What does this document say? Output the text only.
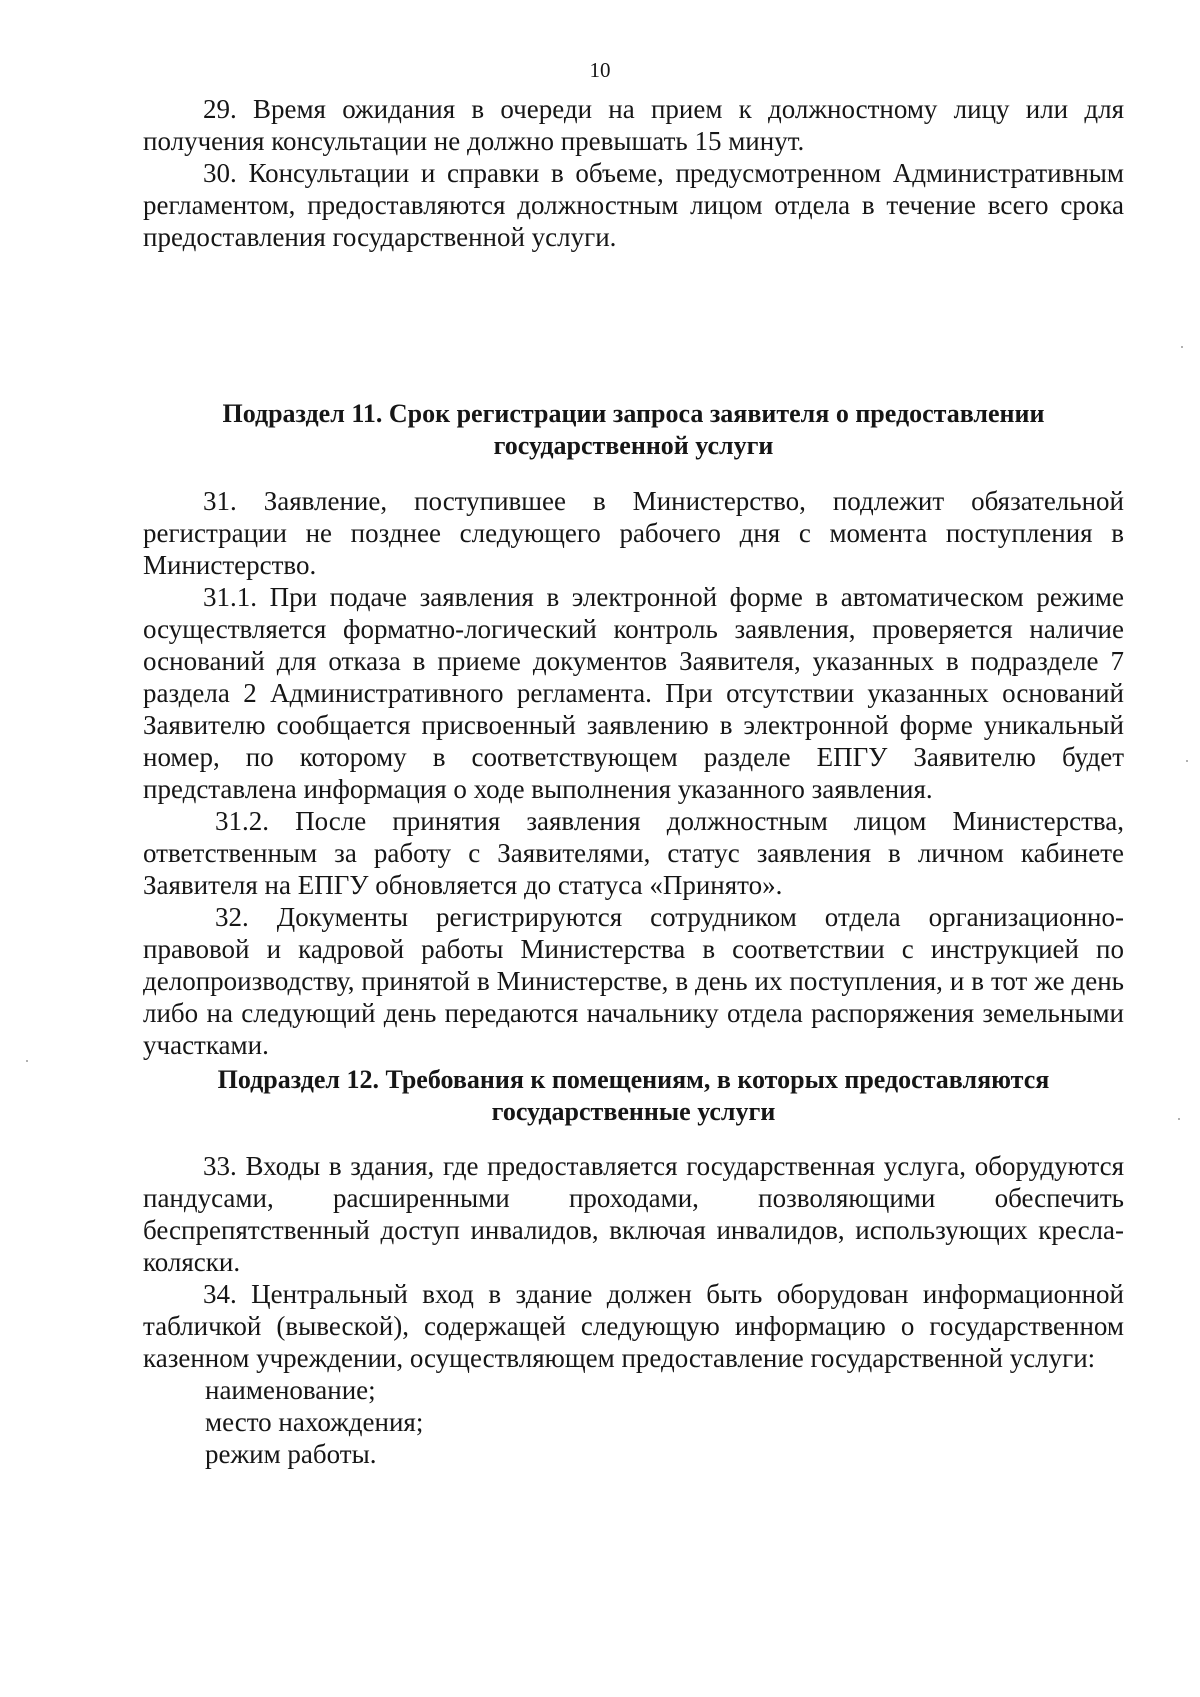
10

29. Время ожидания в очереди на прием к должностному лицу или для получения консультации не должно превышать 15 минут.

30. Консультации и справки в объеме, предусмотренном Административным регламентом, предоставляются должностным лицом отдела в течение всего срока предоставления государственной услуги.

Подраздел 11. Срок регистрации запроса заявителя о предоставлении
государственной услуги

31. Заявление, поступившее в Министерство, подлежит обязательной регистрации не позднее следующего рабочего дня с момента поступления в Министерство.

31.1. При подаче заявления в электронной форме в автоматическом режиме осуществляется форматно-логический контроль заявления, проверяется наличие оснований для отказа в приеме документов Заявителя, указанных в подразделе 7 раздела 2 Административного регламента. При отсутствии указанных оснований Заявителю сообщается присвоенный заявлению в электронной форме уникальный номер, по которому в соответствующем разделе ЕПГУ Заявителю будет представлена информация о ходе выполнения указанного заявления.

31.2. После принятия заявления должностным лицом Министерства, ответственным за работу с Заявителями, статус заявления в личном кабинете Заявителя на ЕПГУ обновляется до статуса «Принято».

32. Документы регистрируются сотрудником отдела организационно-правовой и кадровой работы Министерства в соответствии с инструкцией по делопроизводству, принятой в Министерстве, в день их поступления, и в тот же день либо на следующий день передаются начальнику отдела распоряжения земельными участками.

Подраздел 12. Требования к помещениям, в которых предоставляются
государственные услуги

33. Входы в здания, где предоставляется государственная услуга, оборудуются пандусами, расширенными проходами, позволяющими обеспечить беспрепятственный доступ инвалидов, включая инвалидов, использующих кресла-коляски.

34. Центральный вход в здание должен быть оборудован информационной табличкой (вывеской), содержащей следующую информацию о государственном казенном учреждении, осуществляющем предоставление государственной услуги:

наименование;
место нахождения;
режим работы.
